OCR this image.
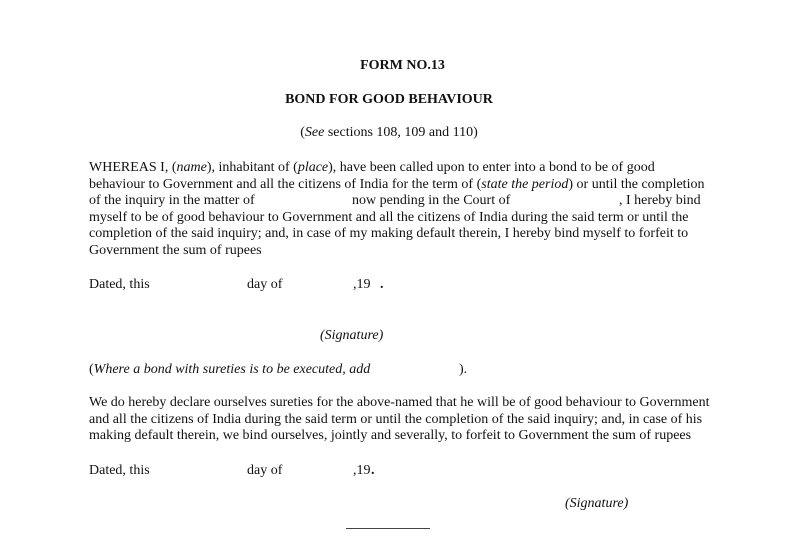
FORM NO.13
BOND FOR GOOD BEHAVIOUR
(See sections 108, 109 and 110)
WHEREAS I, (name), inhabitant of (place), have been called upon to enter into a bond to be of good
behaviour to Government and all the citizens of India for the term of (state the period) or until the completion
of the inquiry in the matter of	now pending in the Court of	, I hereby bind
myself to be of good behaviour to Government and all the citizens of India during the said term or until the
completion of the said inquiry; and, in case of my making default therein, I hereby bind myself to forfeit to
Government the sum of rupees
Dated, this	day of	,19 .
(Signature)
(Where a bond with sureties is to be executed, add	).
We do hereby declare ourselves sureties for the above-named that he will be of good behaviour to Government
and all the citizens of India during the said term or until the completion of the said inquiry; and, in case of his
making default therein, we bind ourselves, jointly and severally, to forfeit to Government the sum of rupees
Dated, this	day of	,19 .
(Signature)
